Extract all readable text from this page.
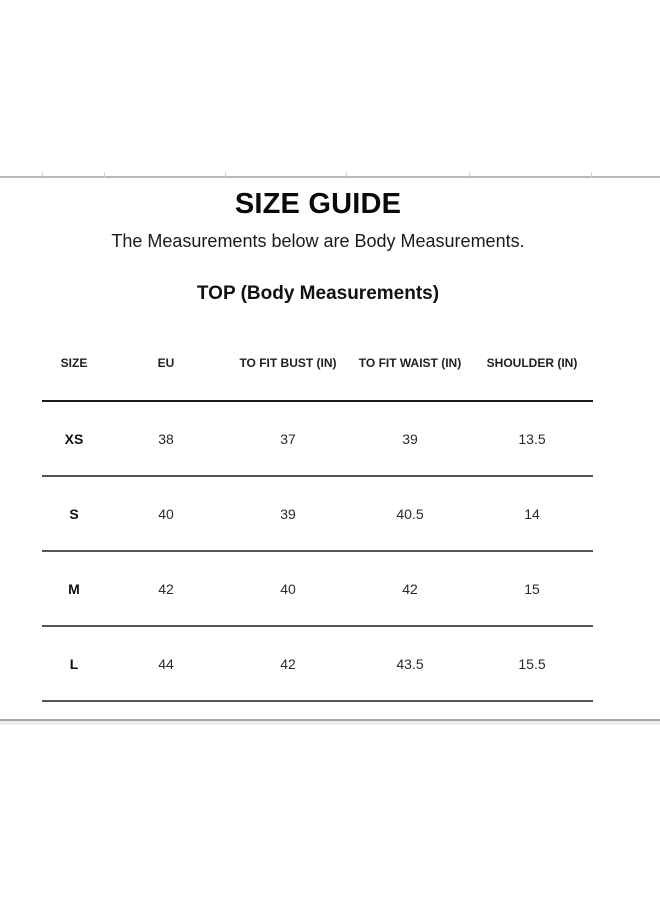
SIZE GUIDE
The Measurements below are Body Measurements.
TOP (Body Measurements)
SIZE	EU	TO FIT BUST (IN)	TO FIT WAIST (IN)	SHOULDER (IN)
XS	38	37	39	13.5
S	40	39	40.5	14
M	42	40	42	15
L	44	42	43.5	15.5
